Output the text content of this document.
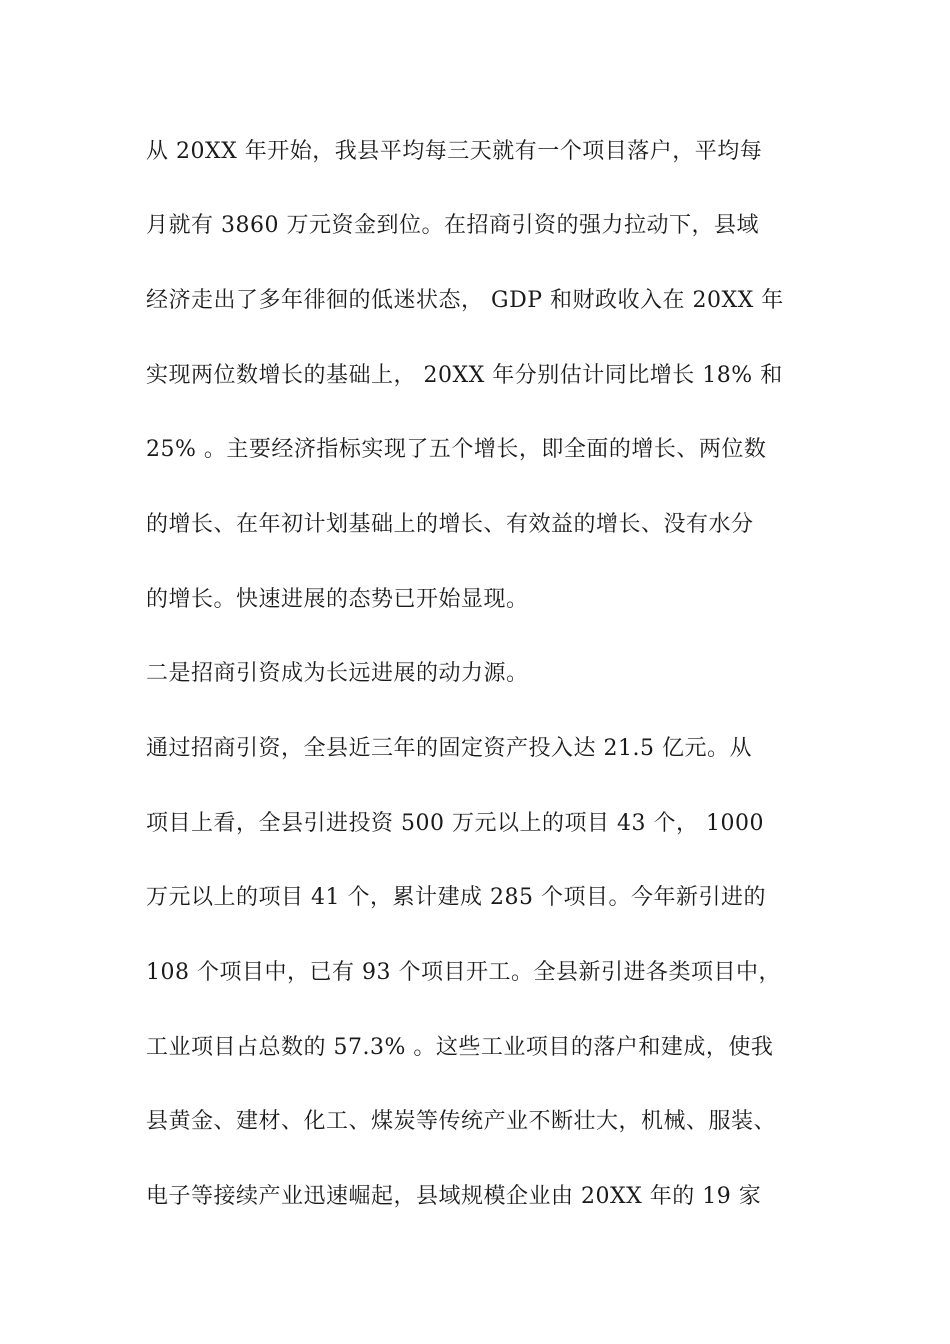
从 20XX 年开始，我县平均每三天就有一个项目落户，平均每
月就有 3860 万元资金到位。在招商引资的强力拉动下，县域
经济走出了多年徘徊的低迷状态， GDP 和财政收入在 20XX 年
实现两位数增长的基础上， 20XX 年分别估计同比增长 18% 和
25% 。主要经济指标实现了五个增长，即全面的增长、两位数
的增长、在年初计划基础上的增长、有效益的增长、没有水分
的增长。快速进展的态势已开始显现。
二是招商引资成为长远进展的动力源。
通过招商引资，全县近三年的固定资产投入达 21.5 亿元。从
项目上看，全县引进投资 500 万元以上的项目 43 个， 1000
万元以上的项目 41 个，累计建成 285 个项目。今年新引进的
108 个项目中，已有 93 个项目开工。全县新引进各类项目中，
工业项目占总数的 57.3% 。这些工业项目的落户和建成，使我
县黄金、建材、化工、煤炭等传统产业不断壮大，机械、服装、
电子等接续产业迅速崛起，县域规模企业由 20XX 年的 19 家
